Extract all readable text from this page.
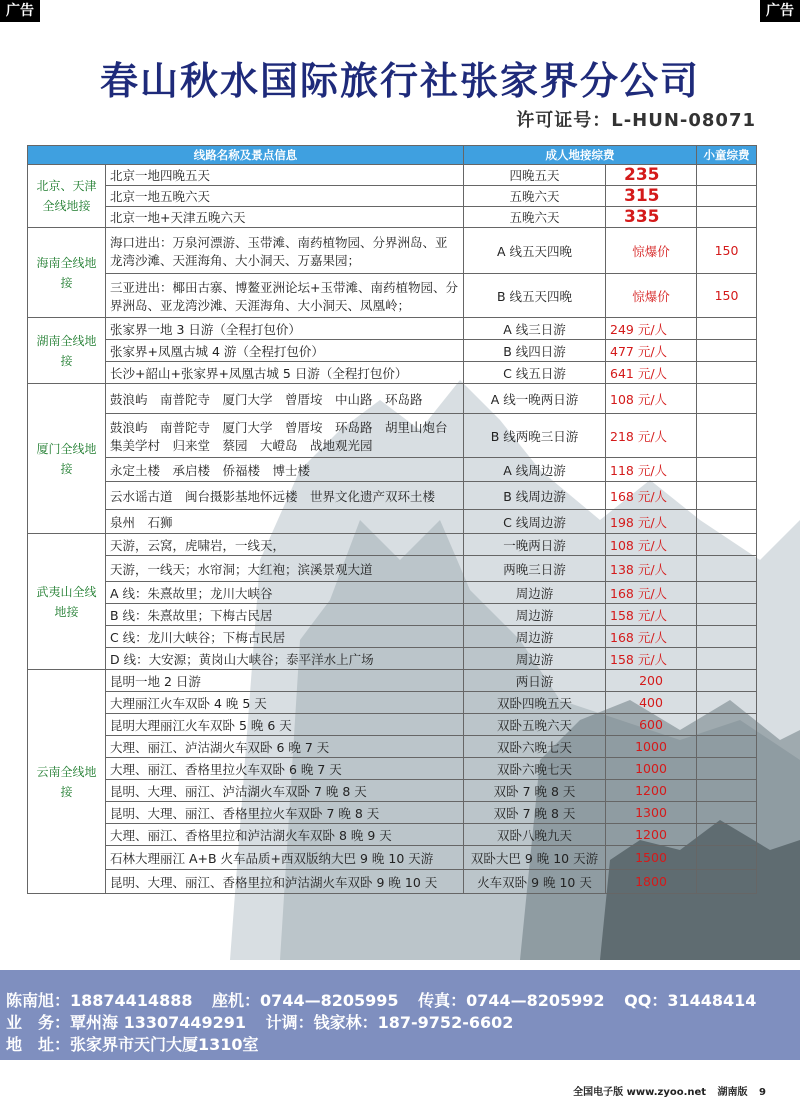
广告	广告
春山秋水国际旅行社张家界分公司
许可证号：L-HUN-08071
线路名称及景点信息		成人地接综费		小童综费
北京、天津全线地接	北京一地四晚五天	四晚五天	235	
	北京一地五晚六天	五晚六天	315	
	北京一地+天津五晚六天	五晚六天	335	
海南全线地接	海口进出：万泉河漂游、玉带滩、南药植物园、分界洲岛、亚龙湾沙滩、天涯海角、大小洞天、万嘉果园；	A 线五天四晚	惊爆价	150
	三亚进出：椰田古寨、博鳌亚洲论坛+玉带滩、南药植物园、分界洲岛、亚龙湾沙滩、天涯海角、大小洞天、凤凰岭；	B 线五天四晚	惊爆价	150
湖南全线地接	张家界一地 3 日游（全程打包价）	A 线三日游	249 元/人	
	张家界+凤凰古城 4 游（全程打包价）	B 线四日游	477 元/人	
	长沙+韶山+张家界+凤凰古城 5 日游（全程打包价）	C 线五日游	641 元/人	
厦门全线地接	鼓浪屿　南普陀寺　厦门大学　曾厝垵　中山路　环岛路	A 线一晚两日游	108 元/人	
	鼓浪屿　南普陀寺　厦门大学　曾厝垵　环岛路　胡里山炮台　集美学村　归来堂　蔡园　大嶝岛　战地观光园	B 线两晚三日游	218 元/人	
	永定土楼　承启楼　侨福楼　博士楼	A 线周边游	118 元/人	
	云水谣古道　闽台摄影基地怀远楼　世界文化遗产双环土楼	B 线周边游	168 元/人	
	泉州　石狮	C 线周边游	198 元/人	
武夷山全线地接	天游，云窝，虎啸岩，一线天，	一晚两日游	108 元/人	
	天游，一线天；水帘洞；大红袍；滨溪景观大道	两晚三日游	138 元/人	
	A 线：朱熹故里；龙川大峡谷	周边游	168 元/人	
	B 线：朱熹故里；下梅古民居	周边游	158 元/人	
	C 线：龙川大峡谷；下梅古民居	周边游	168 元/人	
	D 线：大安源；黄岗山大峡谷；泰平洋水上广场	周边游	158 元/人	
云南全线地接	昆明一地 2 日游	两日游	200	
	大理丽江火车双卧 4 晚 5 天	双卧四晚五天	400	
	昆明大理丽江火车双卧 5 晚 6 天	双卧五晚六天	600	
	大理、丽江、泸沽湖火车双卧 6 晚 7 天	双卧六晚七天	1000	
	大理、丽江、香格里拉火车双卧 6 晚 7 天	双卧六晚七天	1000	
	昆明、大理、丽江、泸沽湖火车双卧 7 晚 8 天	双卧 7 晚 8 天	1200	
	昆明、大理、丽江、香格里拉火车双卧 7 晚 8 天	双卧 7 晚 8 天	1300	
	大理、丽江、香格里拉和泸沽湖火车双卧 8 晚 9 天	双卧八晚九天	1200	
	石林大理丽江 A+B 火车品质+西双版纳大巴 9 晚 10 天游	双卧大巴 9 晚 10 天游	1500	
	昆明、大理、丽江、香格里拉和泸沽湖火车双卧 9 晚 10 天	火车双卧 9 晚 10 天	1800	
陈南旭：18874414888 座机：0744—8205995 传真：0744—8205992 QQ：31448414
业　务：覃州海 13307449291 计调：钱家林：187-9752-6602
地　址：张家界市天门大厦1310室
全国电子版 www.zyoo.net 湖南版 9
